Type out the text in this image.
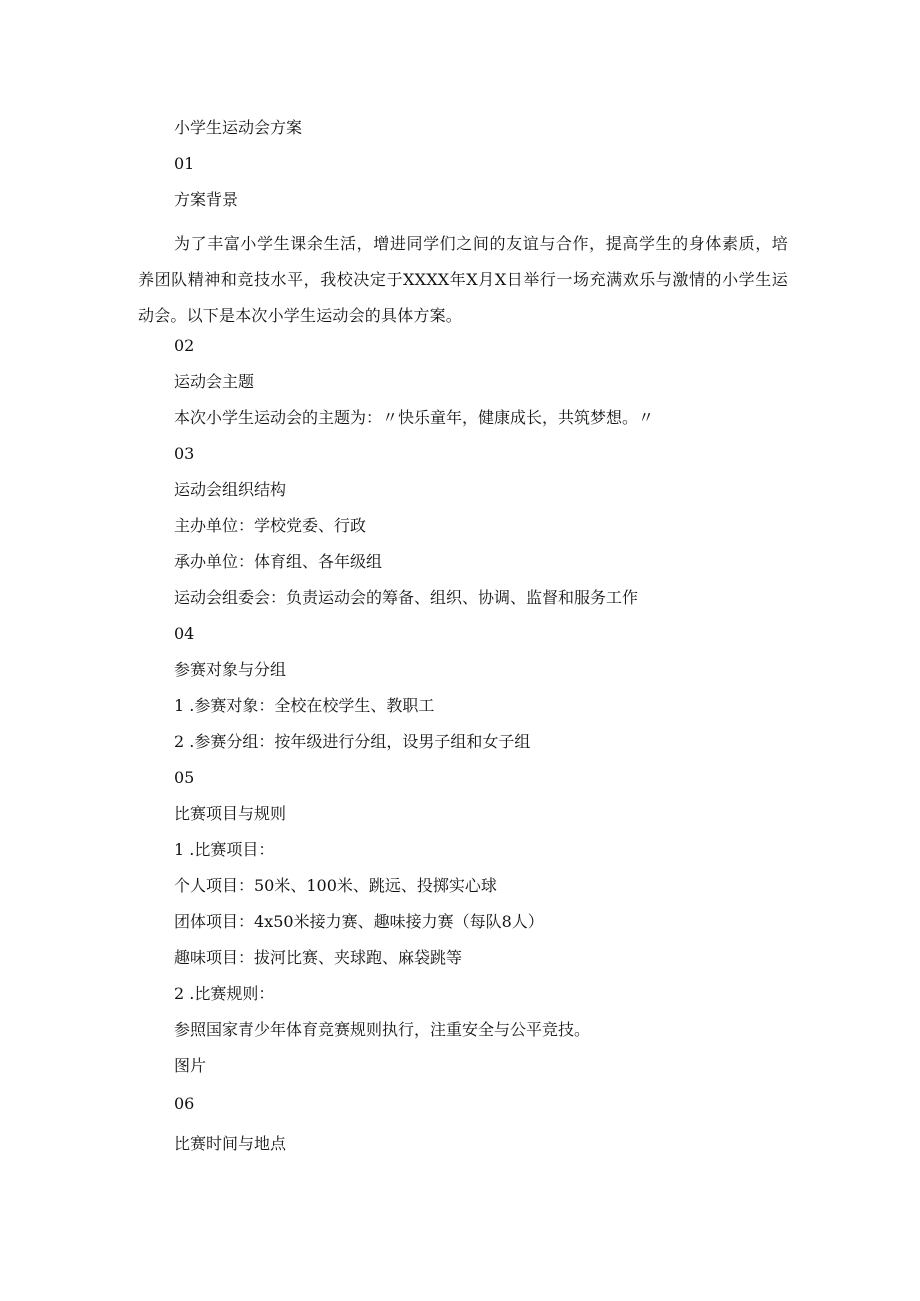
小学生运动会方案

01

方案背景

为了丰富小学生课余生活，增进同学们之间的友谊与合作，提高学生的身体素质，培养团队精神和竞技水平，我校决定于XXXX年X月X日举行一场充满欢乐与激情的小学生运动会。以下是本次小学生运动会的具体方案。

02

运动会主题

本次小学生运动会的主题为：〃快乐童年，健康成长，共筑梦想。〃

03

运动会组织结构

主办单位：学校党委、行政

承办单位：体育组、各年级组

运动会组委会：负责运动会的筹备、组织、协调、监督和服务工作

04

参赛对象与分组

1 .参赛对象：全校在校学生、教职工

2 .参赛分组：按年级进行分组，设男子组和女子组

05

比赛项目与规则

1 .比赛项目：

个人项目：50米、100米、跳远、投掷实心球

团体项目：4x50米接力赛、趣味接力赛（每队8人）

趣味项目：拔河比赛、夹球跑、麻袋跳等

2 .比赛规则：

参照国家青少年体育竞赛规则执行，注重安全与公平竞技。

图片

06

比赛时间与地点
